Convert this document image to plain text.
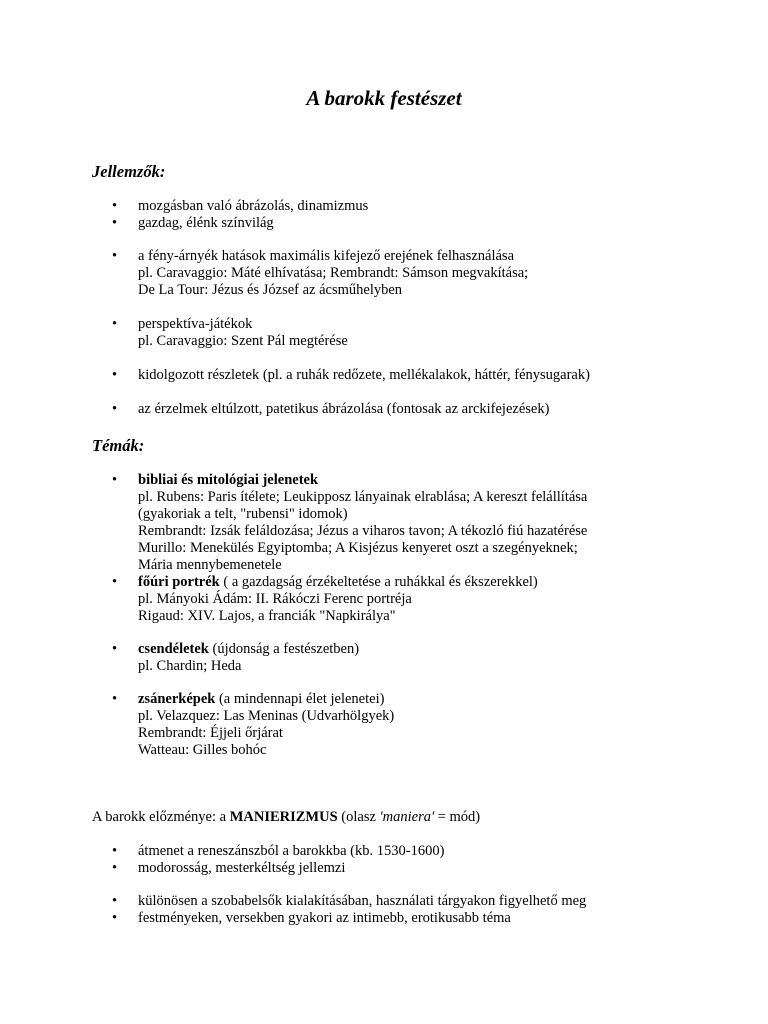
A barokk festészet
Jellemzők:
• mozgásban való ábrázolás, dinamizmus
• gazdag, élénk színvilág
• a fény-árnyék hatások maximális kifejező erejének felhasználása
pl. Caravaggio: Máté elhívatása; Rembrandt: Sámson megvakítása;
De La Tour: Jézus és József az ácsműhelyben
• perspektíva-játékok
pl. Caravaggio: Szent Pál megtérése
• kidolgozott részletek (pl. a ruhák redőzete, mellékalakok, háttér, fénysugarak)
• az érzelmek eltúlzott, patetikus ábrázolása (fontosak az arckifejezések)
Témák:
• bibliai és mitológiai jelenetek
pl. Rubens: Paris ítélete; Leukipposz lányainak elrablása; A kereszt felállítása
(gyakoriak a telt, "rubensi" idomok)
Rembrandt: Izsák feláldozása; Jézus a viharos tavon; A tékozló fiú hazatérése
Murillo: Menekülés Egyiptomba; A Kisjézus kenyeret oszt a szegényeknek;
Mária mennybemenetele
• főúri portrék ( a gazdagság érzékeltetése a ruhákkal és ékszerekkel)
pl. Mányoki Ádám: II. Rákóczi Ferenc portréja
Rigaud: XIV. Lajos, a franciák "Napkirálya"
• csendéletek (újdonság a festészetben)
pl. Chardin; Heda
• zsánerképek (a mindennapi élet jelenetei)
pl. Velazquez: Las Meninas (Udvarhölgyek)
Rembrandt: Éjjeli őrjárat
Watteau: Gilles bohóc
A barokk előzménye: a MANIERIZMUS (olasz 'maniera' = mód)
• átmenet a reneszánszból a barokkba (kb. 1530-1600)
• modorosság, mesterkéltség jellemzi
• különösen a szobabelsők kialakításában, használati tárgyakon figyelhető meg
• festményeken, versekben gyakori az intimebb, erotikusabb téma
